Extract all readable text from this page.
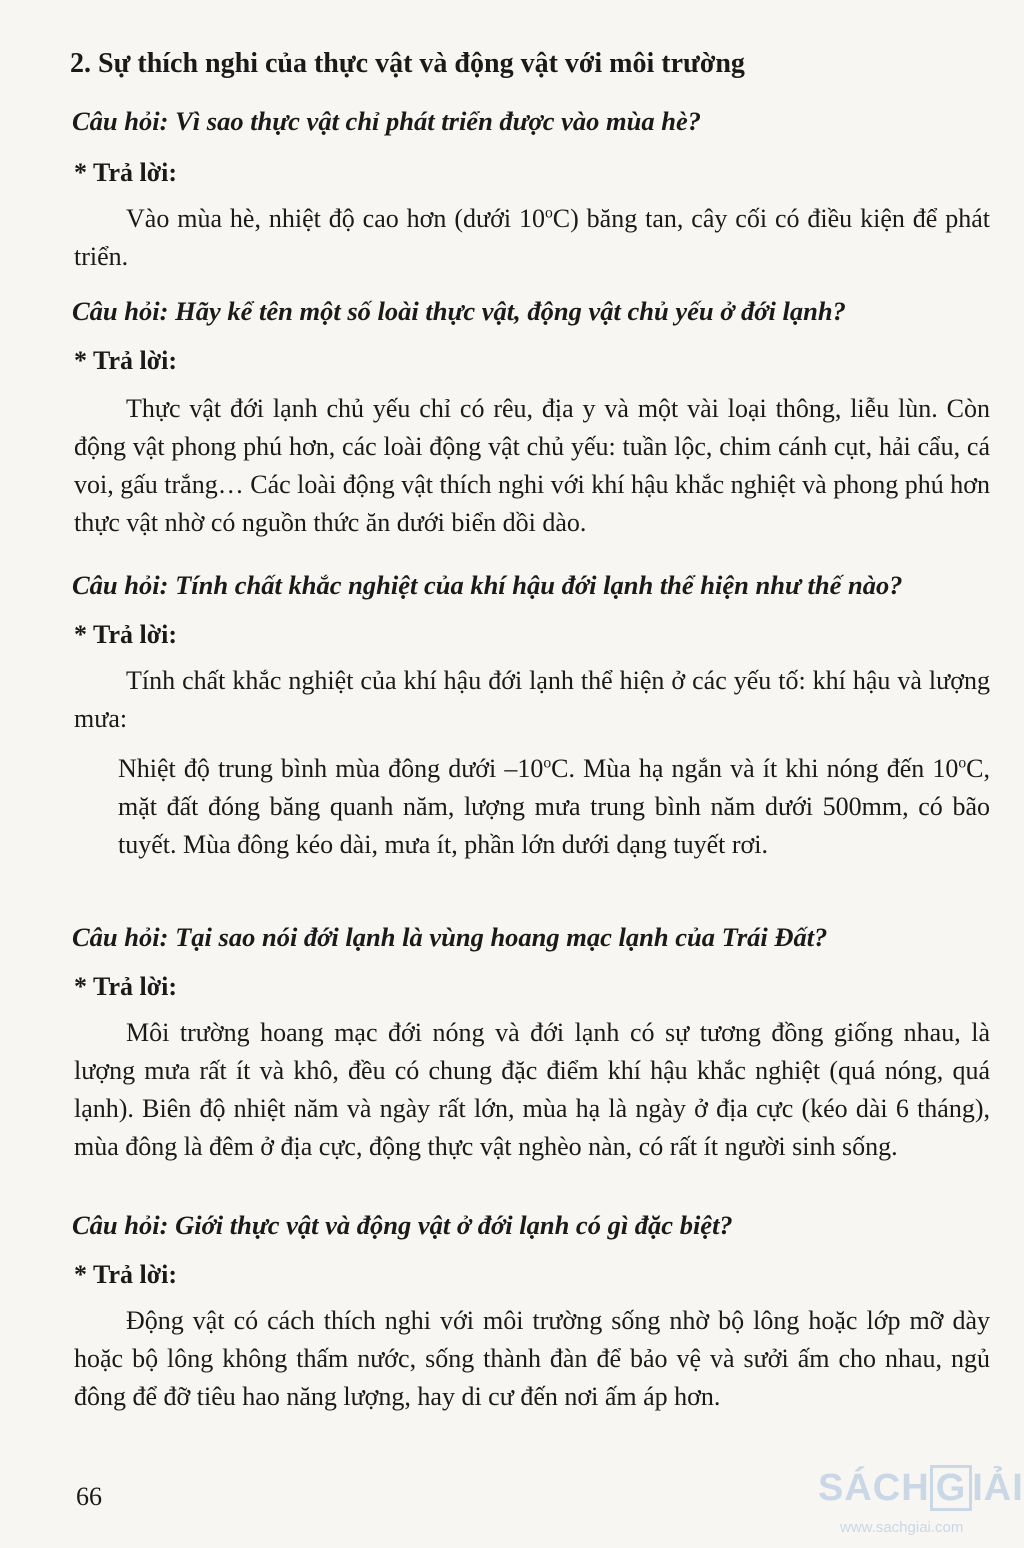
2. Sự thích nghi của thực vật và động vật với môi trường

Câu hỏi: Vì sao thực vật chỉ phát triển được vào mùa hè?

* Trả lời:

Vào mùa hè, nhiệt độ cao hơn (dưới 10$^o$C) băng tan, cây cối có điều kiện để phát triển.

Câu hỏi: Hãy kể tên một số loài thực vật, động vật chủ yếu ở đới lạnh?

* Trả lời:

Thực vật đới lạnh chủ yếu chỉ có rêu, địa y và một vài loại thông, liễu lùn. Còn động vật phong phú hơn, các loài động vật chủ yếu: tuần lộc, chim cánh cụt, hải cẩu, cá voi, gấu trắng… Các loài động vật thích nghi với khí hậu khắc nghiệt và phong phú hơn thực vật nhờ có nguồn thức ăn dưới biển dồi dào.

Câu hỏi: Tính chất khắc nghiệt của khí hậu đới lạnh thể hiện như thế nào?

* Trả lời:

Tính chất khắc nghiệt của khí hậu đới lạnh thể hiện ở các yếu tố: khí hậu và lượng mưa:

Nhiệt độ trung bình mùa đông dưới –10$^o$C. Mùa hạ ngắn và ít khi nóng đến 10$^o$C, mặt đất đóng băng quanh năm, lượng mưa trung bình năm dưới 500mm, có bão tuyết. Mùa đông kéo dài, mưa ít, phần lớn dưới dạng tuyết rơi.

Câu hỏi: Tại sao nói đới lạnh là vùng hoang mạc lạnh của Trái Đất?

* Trả lời:

Môi trường hoang mạc đới nóng và đới lạnh có sự tương đồng giống nhau, là lượng mưa rất ít và khô, đều có chung đặc điểm khí hậu khắc nghiệt (quá nóng, quá lạnh). Biên độ nhiệt năm và ngày rất lớn, mùa hạ là ngày ở địa cực (kéo dài 6 tháng), mùa đông là đêm ở địa cực, động thực vật nghèo nàn, có rất ít người sinh sống.

Câu hỏi: Giới thực vật và động vật ở đới lạnh có gì đặc biệt?

* Trả lời:

Động vật có cách thích nghi với môi trường sống nhờ bộ lông hoặc lớp mỡ dày hoặc bộ lông không thấm nước, sống thành đàn để bảo vệ và sưởi ấm cho nhau, ngủ đông để đỡ tiêu hao năng lượng, hay di cư đến nơi ấm áp hơn.

66	SÁCH G IẢI
www.sachgiai.com
